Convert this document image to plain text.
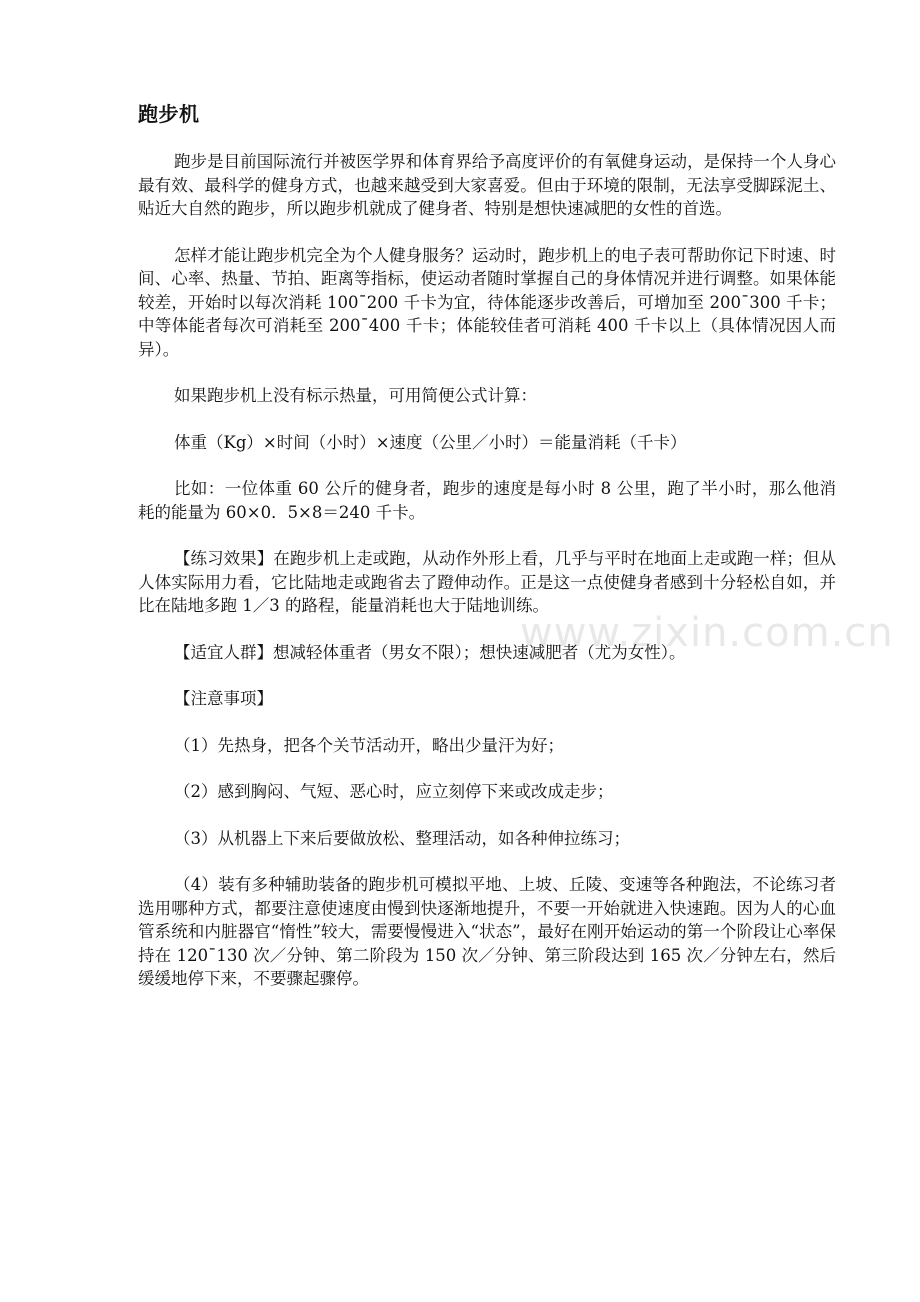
www.zixin.com.cn
跑步机

跑步是目前国际流行并被医学界和体育界给予高度评价的有氧健身运动，是保持一个人身心最有效、最科学的健身方式，也越来越受到大家喜爱。但由于环境的限制，无法享受脚踩泥土、贴近大自然的跑步，所以跑步机就成了健身者、特别是想快速减肥的女性的首选。

怎样才能让跑步机完全为个人健身服务？运动时，跑步机上的电子表可帮助你记下时速、时间、心率、热量、节拍、距离等指标，使运动者随时掌握自己的身体情况并进行调整。如果体能较差，开始时以每次消耗 100¯200 千卡为宜，待体能逐步改善后，可增加至 200¯300 千卡；中等体能者每次可消耗至 200¯400 千卡；体能较佳者可消耗 400 千卡以上（具体情况因人而异）。

如果跑步机上没有标示热量，可用简便公式计算：

体重（Kg）×时间（小时）×速度（公里／小时）＝能量消耗（千卡）

比如：一位体重 60 公斤的健身者，跑步的速度是每小时 8 公里，跑了半小时，那么他消耗的能量为 60×0．5×8＝240 千卡。

【练习效果】在跑步机上走或跑，从动作外形上看，几乎与平时在地面上走或跑一样；但从人体实际用力看，它比陆地走或跑省去了蹬伸动作。正是这一点使健身者感到十分轻松自如，并比在陆地多跑 1／3 的路程，能量消耗也大于陆地训练。

【适宜人群】想减轻体重者（男女不限）；想快速减肥者（尤为女性）。

【注意事项】

（1）先热身，把各个关节活动开，略出少量汗为好；

（2）感到胸闷、气短、恶心时，应立刻停下来或改成走步；

（3）从机器上下来后要做放松、整理活动，如各种伸拉练习；

（4）装有多种辅助装备的跑步机可模拟平地、上坡、丘陵、变速等各种跑法，不论练习者选用哪种方式，都要注意使速度由慢到快逐渐地提升，不要一开始就进入快速跑。因为人的心血管系统和内脏器官“惰性”较大，需要慢慢进入“状态”，最好在刚开始运动的第一个阶段让心率保持在 120¯130 次／分钟、第二阶段为 150 次／分钟、第三阶段达到 165 次／分钟左右，然后缓缓地停下来，不要骤起骤停。
